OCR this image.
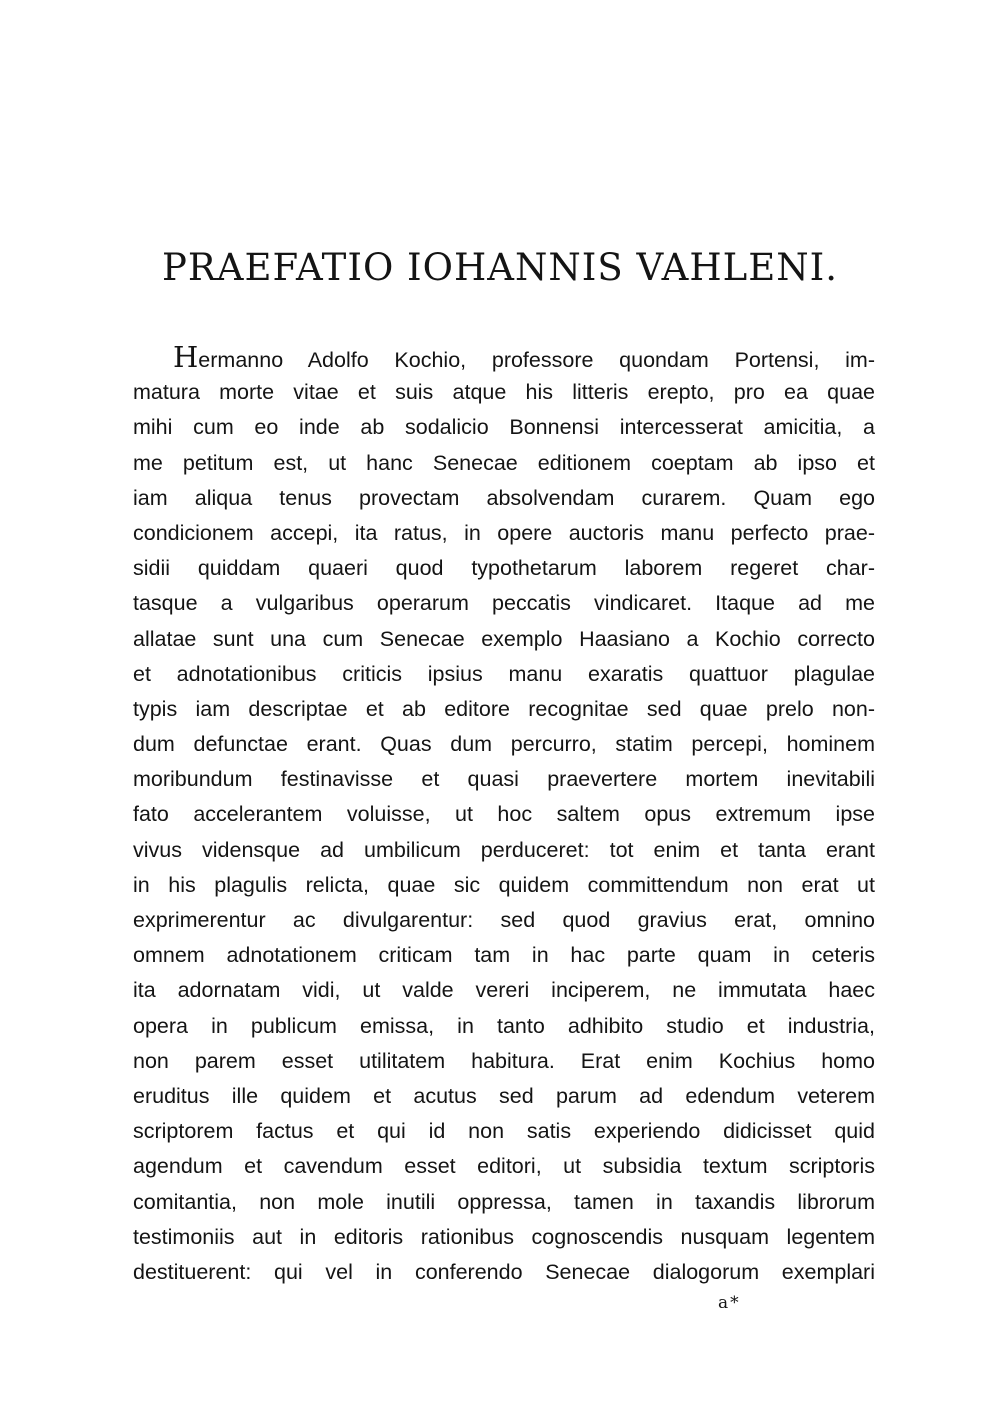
PRAEFATIO IOHANNIS VAHLENI.
Hermanno Adolfo Kochio, professore quondam Portensi, im-
matura morte vitae et suis atque his litteris erepto, pro ea quae
mihi cum eo inde ab sodalicio Bonnensi intercesserat amicitia, a
me petitum est, ut hanc Senecae editionem coeptam ab ipso et
iam aliqua tenus provectam absolvendam curarem. Quam ego
condicionem accepi, ita ratus, in opere auctoris manu perfecto prae-
sidii quiddam quaeri quod typothetarum laborem regeret char-
tasque a vulgaribus operarum peccatis vindicaret. Itaque ad me
allatae sunt una cum Senecae exemplo Haasiano a Kochio correcto
et adnotationibus criticis ipsius manu exaratis quattuor plagulae
typis iam descriptae et ab editore recognitae sed quae prelo non-
dum defunctae erant. Quas dum percurro, statim percepi, hominem
moribundum festinavisse et quasi praevertere mortem inevitabili
fato accelerantem voluisse, ut hoc saltem opus extremum ipse
vivus vidensque ad umbilicum perduceret: tot enim et tanta erant
in his plagulis relicta, quae sic quidem committendum non erat ut
exprimerentur ac divulgarentur: sed quod gravius erat, omnino
omnem adnotationem criticam tam in hac parte quam in ceteris
ita adornatam vidi, ut valde vereri inciperem, ne immutata haec
opera in publicum emissa, in tanto adhibito studio et industria,
non parem esset utilitatem habitura. Erat enim Kochius homo
eruditus ille quidem et acutus sed parum ad edendum veterem
scriptorem factus et qui id non satis experiendo didicisset quid
agendum et cavendum esset editori, ut subsidia textum scriptoris
comitantia, non mole inutili oppressa, tamen in taxandis librorum
testimoniis aut in editoris rationibus cognoscendis nusquam legentem
destituerent: qui vel in conferendo Senecae dialogorum exemplari
a*
